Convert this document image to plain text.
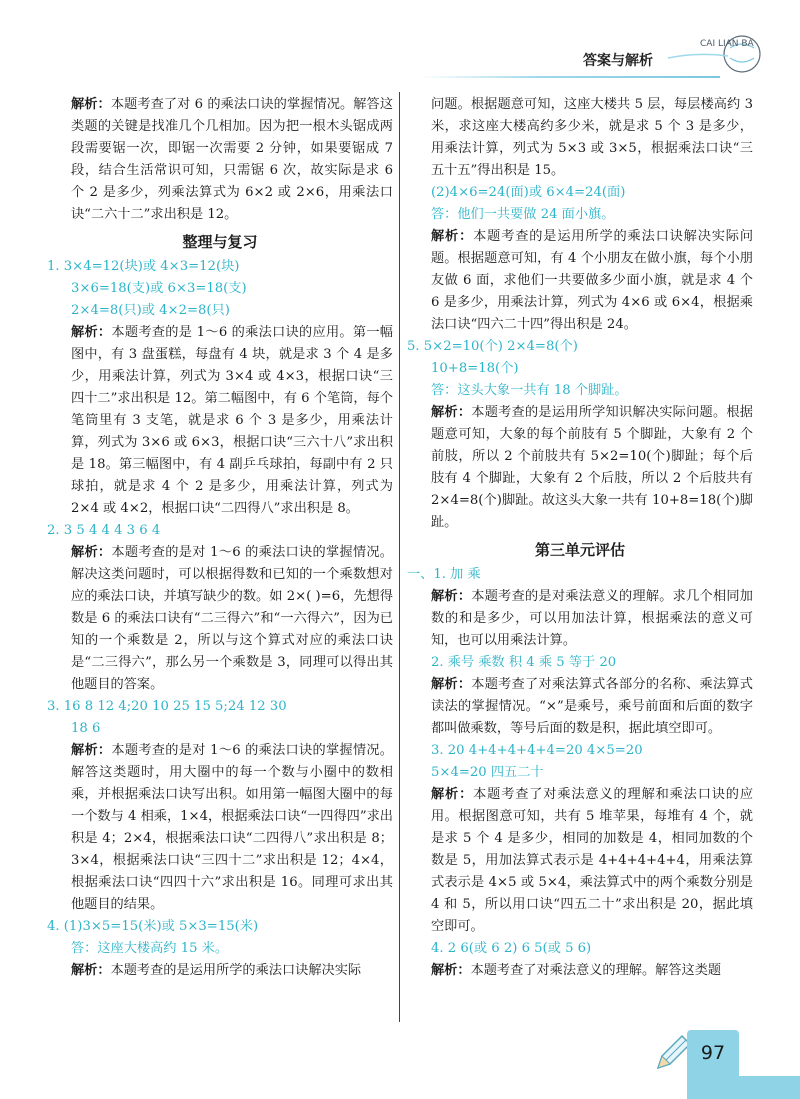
答案与解析
CAI LIAN BA

解析：本题考查了对 6 的乘法口诀的掌握情况。解答这类题的关键是找准几个几相加。因为把一根木头锯成两段需要锯一次，即锯一次需要 2 分钟，如果要锯成 7 段，结合生活常识可知，只需锯 6 次，故实际是求 6 个 2 是多少，列乘法算式为 6×2 或 2×6，用乘法口诀“二六十二”求出积是 12。

整理与复习

1. 3×4=12(块)或 4×3=12(块)

3×6=18(支)或 6×3=18(支)

2×4=8(只)或 4×2=8(只)

解析：本题考查的是 1～6 的乘法口诀的应用。第一幅图中，有 3 盘蛋糕，每盘有 4 块，就是求 3 个 4 是多少，用乘法计算，列式为 3×4 或 4×3，根据口诀“三四十二”求出积是 12。第二幅图中，有 6 个笔筒，每个笔筒里有 3 支笔，就是求 6 个 3 是多少，用乘法计算，列式为 3×6 或 6×3，根据口诀“三六十八”求出积是 18。第三幅图中，有 4 副乒乓球拍，每副中有 2 只球拍，就是求 4 个 2 是多少，用乘法计算，列式为 2×4 或 4×2，根据口诀“二四得八”求出积是 8。

2. 3 5 4 4 4 3 6 4

解析：本题考查的是对 1～6 的乘法口诀的掌握情况。解决这类问题时，可以根据得数和已知的一个乘数想对应的乘法口诀，并填写缺少的数。如 2×( )=6，先想得数是 6 的乘法口诀有“二三得六”和“一六得六”，因为已知的一个乘数是 2，所以与这个算式对应的乘法口诀是“二三得六”，那么另一个乘数是 3，同理可以得出其他题目的答案。

3. 16 8 12 4;20 10 25 15 5;24 12 30

18 6

解析：本题考查的是对 1～6 的乘法口诀的掌握情况。解答这类题时，用大圈中的每一个数与小圈中的数相乘，并根据乘法口诀写出积。如用第一幅图大圈中的每一个数与 4 相乘，1×4，根据乘法口诀“一四得四”求出积是 4；2×4，根据乘法口诀“二四得八”求出积是 8；3×4，根据乘法口诀“三四十二”求出积是 12；4×4，根据乘法口诀“四四十六”求出积是 16。同理可求出其他题目的结果。

4. (1)3×5=15(米)或 5×3=15(米)

答：这座大楼高约 15 米。

解析：本题考查的是运用所学的乘法口诀解决实际

问题。根据题意可知，这座大楼共 5 层，每层楼高约 3 米，求这座大楼高约多少米，就是求 5 个 3 是多少，用乘法计算，列式为 5×3 或 3×5，根据乘法口诀“三五十五”得出积是 15。

(2)4×6=24(面)或 6×4=24(面)

答：他们一共要做 24 面小旗。

解析：本题考查的是运用所学的乘法口诀解决实际问题。根据题意可知，有 4 个小朋友在做小旗，每个小朋友做 6 面，求他们一共要做多少面小旗，就是求 4 个 6 是多少，用乘法计算，列式为 4×6 或 6×4，根据乘法口诀“四六二十四”得出积是 24。

5. 5×2=10(个) 2×4=8(个)

10+8=18(个)

答：这头大象一共有 18 个脚趾。

解析：本题考查的是运用所学知识解决实际问题。根据题意可知，大象的每个前肢有 5 个脚趾，大象有 2 个前肢，所以 2 个前肢共有 5×2=10(个)脚趾；每个后肢有 4 个脚趾，大象有 2 个后肢，所以 2 个后肢共有 2×4=8(个)脚趾。故这头大象一共有 10+8=18(个)脚趾。

第三单元评估

一、1. 加 乘

解析：本题考查的是对乘法意义的理解。求几个相同加数的和是多少，可以用加法计算，根据乘法的意义可知，也可以用乘法计算。

2. 乘号 乘数 积 4 乘 5 等于 20

解析：本题考查了对乘法算式各部分的名称、乘法算式读法的掌握情况。“×”是乘号，乘号前面和后面的数字都叫做乘数，等号后面的数是积，据此填空即可。

3. 20 4+4+4+4+4=20 4×5=20

5×4=20 四五二十

解析：本题考查了对乘法意义的理解和乘法口诀的应用。根据图意可知，共有 5 堆苹果，每堆有 4 个，就是求 5 个 4 是多少，相同的加数是 4，相同加数的个数是 5，用加法算式表示是 4+4+4+4+4，用乘法算式表示是 4×5 或 5×4，乘法算式中的两个乘数分别是 4 和 5，所以用口诀“四五二十”求出积是 20，据此填空即可。

4. 2 6(或 6 2) 6 5(或 5 6)

解析：本题考查了对乘法意义的理解。解答这类题

97
